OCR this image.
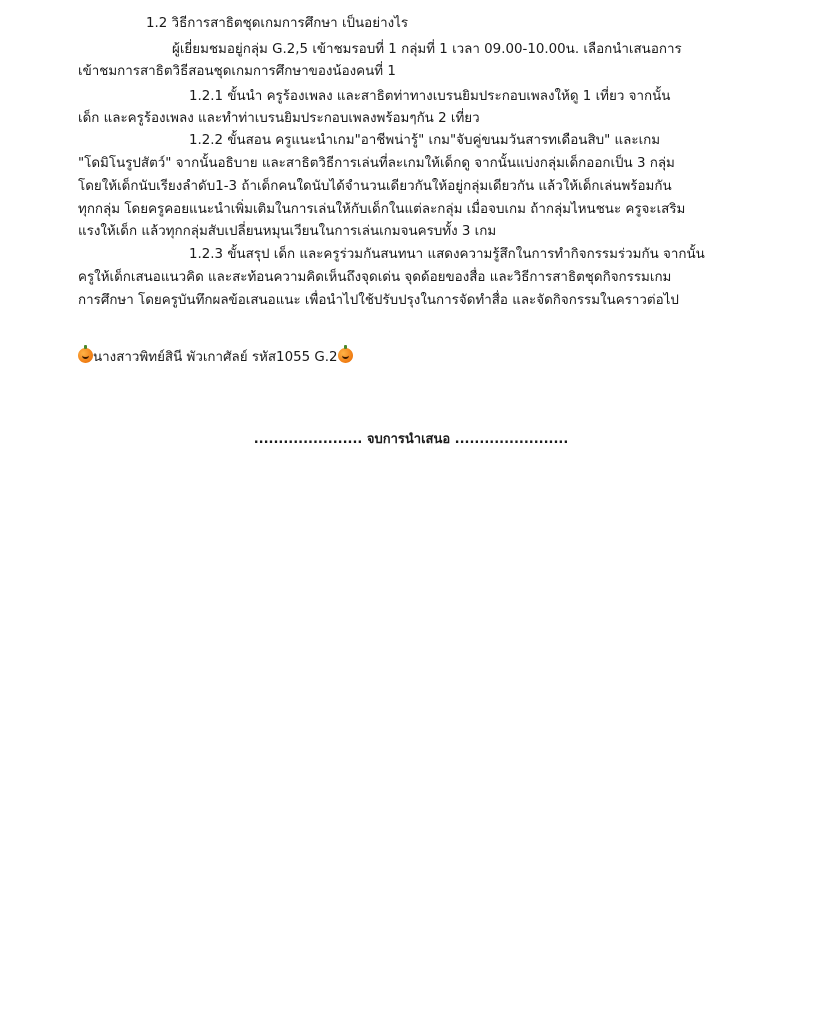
1.2 วิธีการสาธิตชุดเกมการศึกษา เป็นอย่างไร
ผู้เยี่ยมชมอยู่กลุ่ม G.2,5 เข้าชมรอบที่ 1 กลุ่มที่ 1 เวลา 09.00-10.00น. เลือกนำเสนอการ
เข้าชมการสาธิตวิธีสอนชุดเกมการศึกษาของน้องคนที่ 1
1.2.1 ขั้นนำ ครูร้องเพลง และสาธิตท่าทางเบรนยิมประกอบเพลงให้ดู 1 เที่ยว จากนั้น
เด็ก และครูร้องเพลง และทำท่าเบรนยิมประกอบเพลงพร้อมๆกัน 2 เที่ยว
1.2.2 ขั้นสอน ครูแนะนำเกม"อาชีพน่ารู้" เกม"จับคู่ขนมวันสารทเดือนสิบ" และเกม
"โดมิโนรูปสัตว์" จากนั้นอธิบาย และสาธิตวิธีการเล่นที่ละเกมให้เด็กดู จากนั้นแบ่งกลุ่มเด็กออกเป็น 3 กลุ่ม
โดยให้เด็กนับเรียงลำดับ1-3 ถ้าเด็กคนใดนับได้จำนวนเดียวกันให้อยู่กลุ่มเดียวกัน แล้วให้เด็กเล่นพร้อมกัน
ทุกกลุ่ม โดยครูคอยแนะนำเพิ่มเติมในการเล่นให้กับเด็กในแต่ละกลุ่ม เมื่อจบเกม ถ้ากลุ่มไหนชนะ ครูจะเสริม
แรงให้เด็ก แล้วทุกกลุ่มสับเปลี่ยนหมุนเวียนในการเล่นเกมจนครบทั้ง 3 เกม
1.2.3 ขั้นสรุป เด็ก และครูร่วมกันสนทนา แสดงความรู้สึกในการทำกิจกรรมร่วมกัน จากนั้น
ครูให้เด็กเสนอแนวคิด และสะท้อนความคิดเห็นถึงจุดเด่น จุดด้อยของสื่อ และวิธีการสาธิตชุดกิจกรรมเกม
การศึกษา โดยครูบันทึกผลข้อเสนอแนะ เพื่อนำไปใช้ปรับปรุงในการจัดทำสื่อ และจัดกิจกรรมในคราวต่อไป
นางสาวพิทย์สินี พัวเกาศัลย์ รหัส1055 G.2
...................... จบการนำเสนอ .......................
